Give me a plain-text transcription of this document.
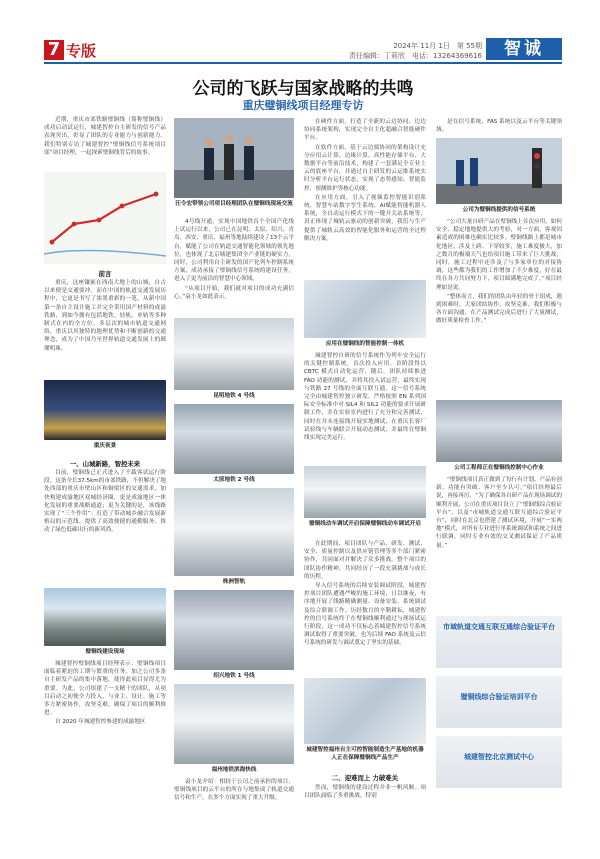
7 专版	2024年 11月 1日　第 55期
责任编辑：丁莉欣　电话：13264369616	智诚
公司的飞跃与国家战略的共鸣
重庆璧铜线项目经理专访

近期，重庆市郊铁路璧铜线（简称璧铜线）成功启动试运行，城建智控自主研发的信号产品表现突出，彰显了团队的专业能力与创新能力。我们特别专访了城建智控“璧铜线信号系统项目部”项目经理，一起探索璧铜线背后的故事。

前言

重庆，这座镶嵌在西南大地上的山城，自古以来便是交通要冲。而在中国的轨道交通发展历程中，它更是书写了浓墨重彩的一笔。从新中国第一条自主设计施工并完全采用国产材料的成渝铁路，到如今拥有包括地铁、轻轨、单轨等多种制式在内的全方位、多层次的城市轨道交通网络，重庆以其独特的地理优势和不断创新的交通理念，成为了中国乃至世界轨道交通发展上的璀璨明珠。

重庆夜景
一、山城新路，智控未来

目前，璧铜线已正式进入了不载客试运行阶段，这条全长37.5km的市郊铁路，不但解决了地处西部的重庆市壁山区和铜梁区的交通需求，加快构建成渝地区双城经济圈，更是成渝地区一体化发展的重要战略通道；更为关键的是，该线路实现了“三个作用”：打造了带动城乡融合发展新格局的示范线、提供了高效便捷的通勤服务、推动了绿色低碳出行的新风尚。

璧铜线建设现场

城建智控璧铜线项目经理表示：璧铜线项目面临着紧迫的工期与繁重的任务。加之公司多条自主研发产品的集中落地，使得此项目显得尤为重要。为此，公司组建了一支精干的团队，从项目启动之初便全力投入，与业主、设计、施工等多方紧密协作，攻坚克难，确保了项目的顺利推进。

自 2020 年城建智控参建的成渝地区

汪令宏带领公司项目经理团队在璧铜线现场交流

4号线开通，实现中国地铁首个全国产化线上试运行以来，公司已在昆明、太原、绍兴、青岛、西安、重庆、福州等地陆续建设了13个云平台，赋能了公司在轨道交通智能化领域的领先地位，也体现了北京城建集团全产业链的硬实力。同时，公司利用自主研发的国产化列车控制系统方案，成功承接了璧铜线信号系统的建设任务，进入了更为前沿的智慧中心领域。

“从项目开始，我们就对项目的成功充满信心。”袁小龙如此表示。

昆明地铁 4 号线
太原地铁 2 号线
株洲智轨
绍兴地铁 1 号线
福州地铁滨海快线

袁小龙介绍：相较于公司之前承担的项目，璧铜线项目的云平台的所在与地集成了轨道交通信号和生产，在多个方面实现了重大升级。

在硬件方面，打造了全新的云边协同、边边协同系统架构，实现完全自主化超融合智能硬件平台。

在软件方面，基于云边端协同的架构设计充分应用云计算、边缘计算、高性能存储平台、大数据平台等前沿技术，构建了一套满足全专业上云的底座平台，并通过自主研发的云运维系统实时分析平台运行状态，实现了态势感知、智能监控、预测维护等核心功能。

在应用方面，引入了视频监控智能识别系统、智慧车站数字孪生系统、AI赋能智能机器人系统，全自动运行模式下的一键开关站系统等，真正体现了城轨云驱动的创新突破，我们与生产提供了城轨云高效的智能化服务和运营的全过程解决方案。

应用在璧铜线的智能控制一体机

城建智控自研的信号系统作为列车安全运行的关键控制系统，首次投入应用。首阶段得以 CBTC 模式自动化运营，随后，团队持续推进 FAO 功能的测试，并将其投入试运营，最终实现与铁路 27 号线的全面互联互通。这一信号系统完全由城建智控独立研发，严格按照 EN 系列国际安全标准中对 SIL4 和 SIL2 功能的要求开展研制工作，并在实验室内进行了充分和完善测试，同时在并未连接线开展实地测试，在重庆长客厂试验线与车辆联合开展动态测试，并最终在璧铜线实现完美运行。

璧铜线动车调试开启保障璧铜线动车调试开启

在此期间，项目团队与产品、研发、测试、安全、质量控制以及供应链管理等多个部门紧密协作，共同面对并解决了众多挑战。整个项目的团队协作精神，共同经历了一段充满挑战与成长的历程。

导入信号系统的后续安装调试阶段，城建智控项目团队遭遇严峻的施工环境，日以继夜，有序地开展了线路精确测量、设备安装、系统调试及综合联调工作。历经数月的辛勤耕耘，城建智控的信号系统终于在璧铜线顺利通过与现场试运行阶段，这一成功不仅标志着城建智控信号系统调试取得了重要突破，也为后续 FAO 系统及云信号系统的研发与调试奠定了坚实的基础。

城建智控福州自主可控智能制造生产基地的机器人正在保障璧铜线产品生产
二、迎难而上 力破难关

然而，璧铜线的建设过程并非一帆风顺。项目团队面临了多重挑战，特别

是在信号系统、FAS 系统以及云平台等关键领域。

公司为璧铜线提供的信号系统

“公司大量自研产品在璧铜线上首次应用，如何安全、稳定地地提供大的考验，对一方面，客观因素造成的困难也确实比较多。璧铜线路上都是城市化地区，涉及上跨、下穿较多，施工难度极大，加之数月的极端天气也给项目施工带来了巨大挑战，同时，施工过程中还涉及了与多家单位的对接协调，这些都为我们的工作增加了不少难度，好在最终在各方共同努力下，项目圆满地完成了。”项目经理如是说。

“整体而言，我们的团队由年轻的骨干组成，遇到困难时，大家团结协作、攻坚克难。我们积极与各方面沟通，在产品测试完成后进行了大量测试，做好质量检查工作。”

公司工程师正在璧铜线控制中心作业

“璧铜线项目真正做到了每行有计划、产品有创新、功能有突破、客户至少认可。”项目经理最后说，再接再厉，“为了确保各自研产品在现场调试的顺利开展，公司在重庆项目设立了“璧铜线综合验证平台”，以及“市城轨道交通互联互通综合验证平台”，同时在北京也搭建了测试环境，开展“一实两地”模式，对所有专业进行单系统调试和系统之间进行联调，同时专业有效的交叉测试保证了产品质量。”

市域轨道交通互联互通综合验证平台
璧铜线综合验证培训平台
城建智控北京测试中心
